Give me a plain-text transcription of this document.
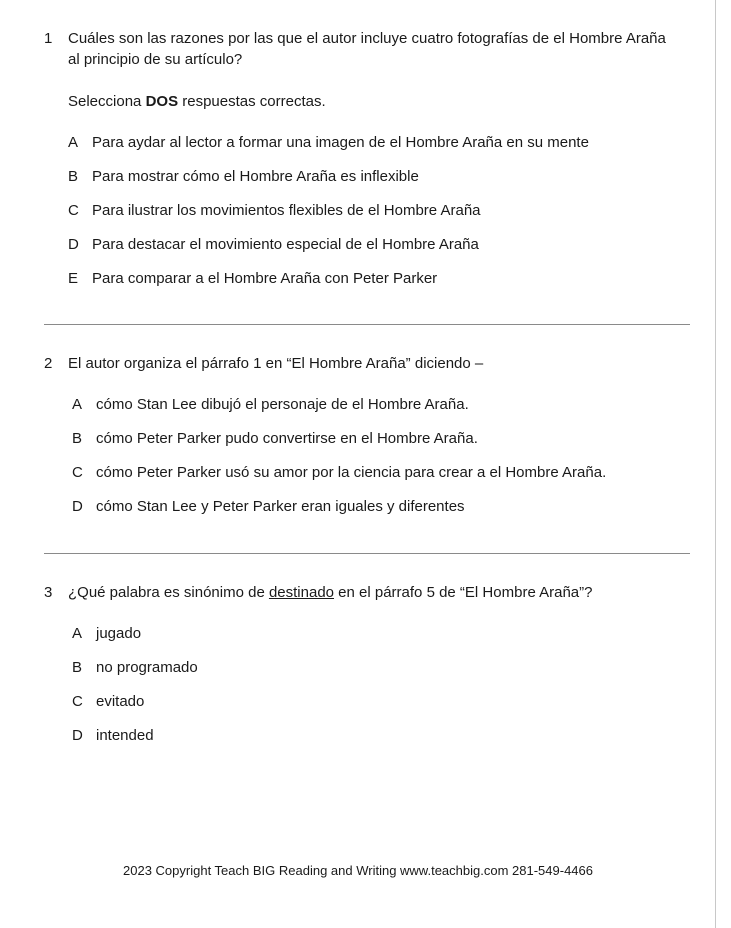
1	Cuáles son las razones por las que el autor incluye cuatro fotografías de el Hombre Araña al principio de su artículo?
Selecciona DOS respuestas correctas.
A Para aydar al lector a formar una imagen de el Hombre Araña en su mente
B Para mostrar cómo el Hombre Araña es inflexible
C Para ilustrar los movimientos flexibles de el Hombre Araña
D Para destacar el movimiento especial de el Hombre Araña
E Para comparar a el Hombre Araña con Peter Parker
2	El autor organiza el párrafo 1 en “El Hombre Araña” diciendo –
A cómo Stan Lee dibujó el personaje de el Hombre Araña.
B cómo Peter Parker pudo convertirse en el Hombre Araña.
C cómo Peter Parker usó su amor por la ciencia para crear a el Hombre Araña.
D cómo Stan Lee y Peter Parker eran iguales y diferentes
3	¿Qué palabra es sinónimo de destinado en el párrafo 5 de “El Hombre Araña”?
A jugado
B no programado
C evitado
D intended
2023 Copyright Teach BIG Reading and Writing www.teachbig.com 281-549-4466
